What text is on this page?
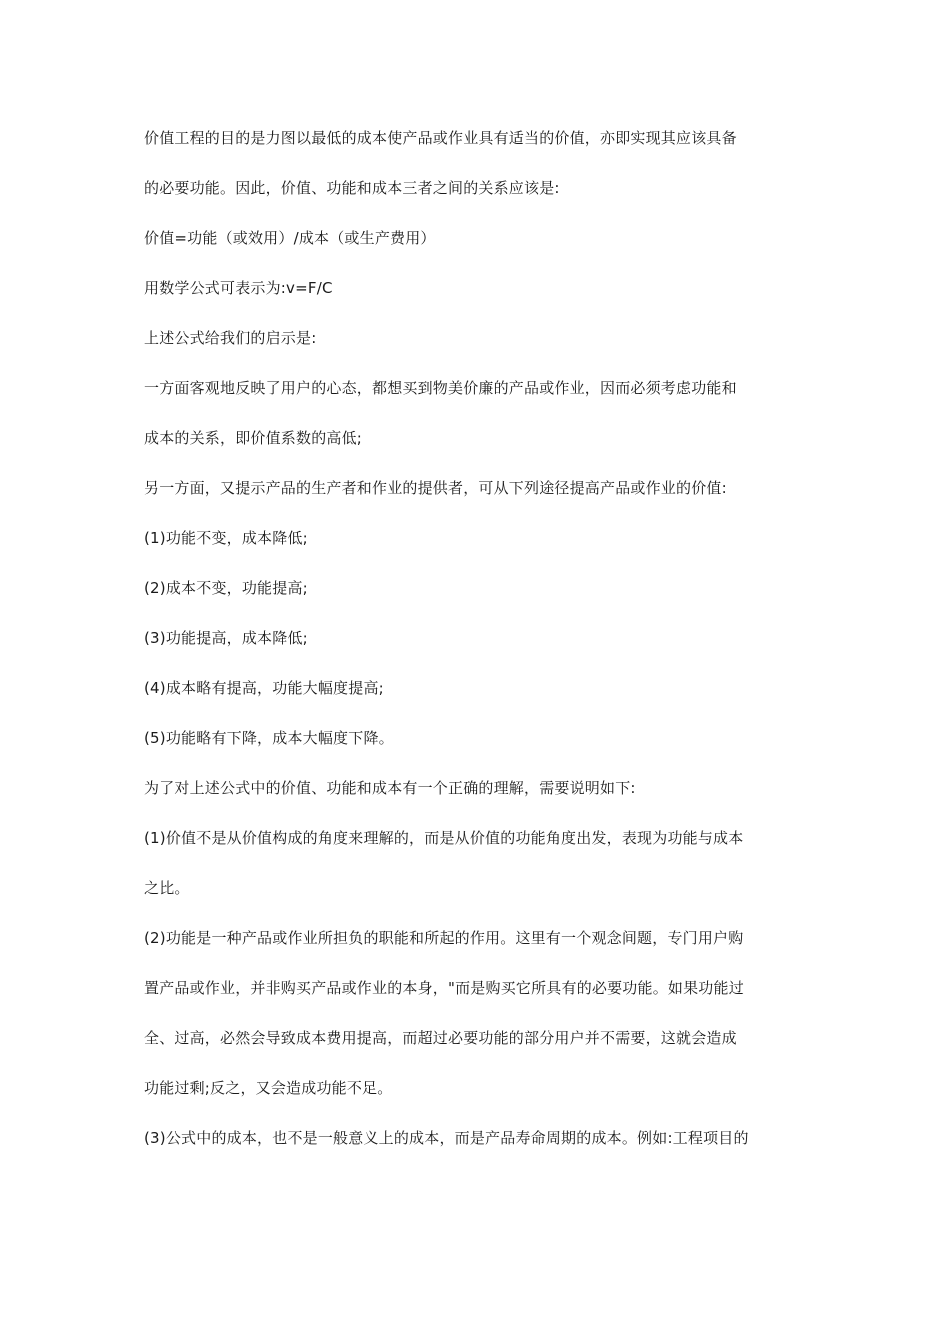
价值工程的目的是力图以最低的成本使产品或作业具有适当的价值，亦即实现其应该具备
的必要功能。因此，价值、功能和成本三者之间的关系应该是:
价值=功能（或效用）/成本（或生产费用）
用数学公式可表示为:v=F/C
上述公式给我们的启示是:
一方面客观地反映了用户的心态，都想买到物美价廉的产品或作业，因而必须考虑功能和
成本的关系，即价值系数的高低;
另一方面，又提示产品的生产者和作业的提供者，可从下列途径提高产品或作业的价值:
(1)功能不变，成本降低;
(2)成本不变，功能提高;
(3)功能提高，成本降低;
(4)成本略有提高，功能大幅度提高;
(5)功能略有下降，成本大幅度下降。
为了对上述公式中的价值、功能和成本有一个正确的理解，需要说明如下:
(1)价值不是从价值构成的角度来理解的，而是从价值的功能角度出发，表现为功能与成本
之比。
(2)功能是一种产品或作业所担负的职能和所起的作用。这里有一个观念间题，专门用户购
置产品或作业，并非购买产品或作业的本身，"而是购买它所具有的必要功能。如果功能过
全、过高，必然会导致成本费用提高，而超过必要功能的部分用户并不需要，这就会造成
功能过剩;反之，又会造成功能不足。
(3)公式中的成本，也不是一般意义上的成本，而是产品寿命周期的成本。例如:工程项目的
